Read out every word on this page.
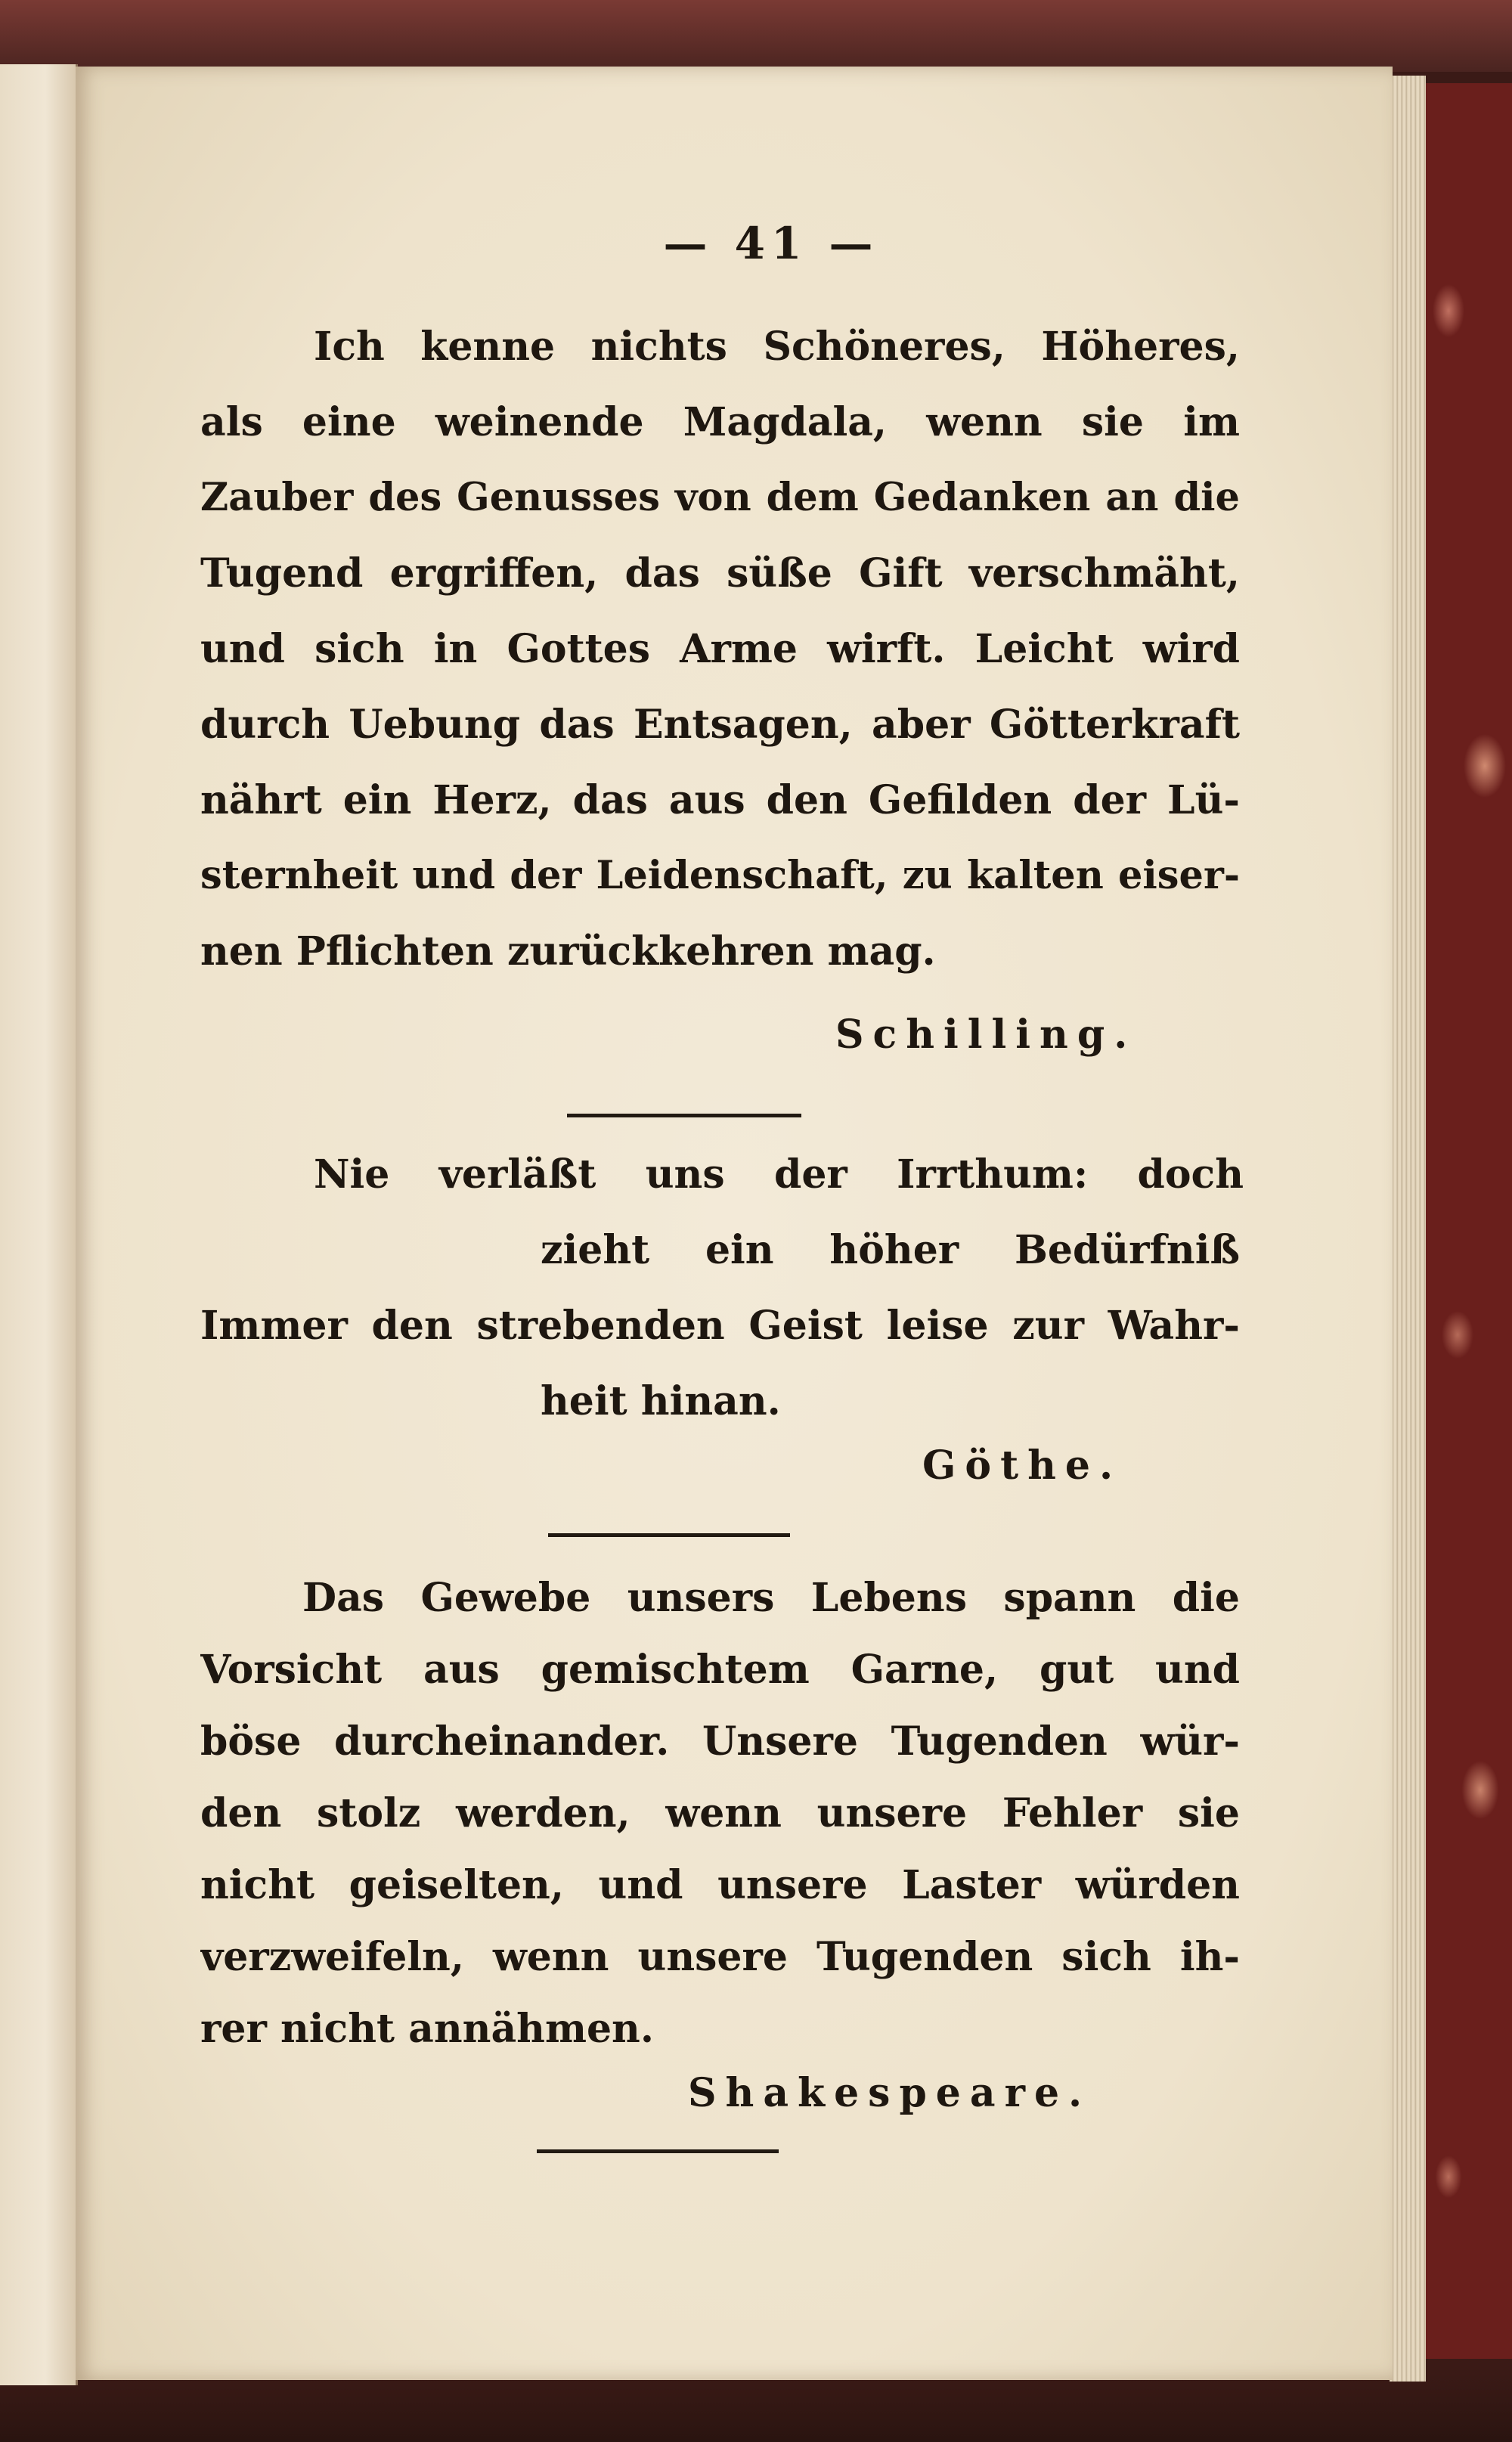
— 41 —
Ich kenne nichts Schöneres, Höheres,
als eine weinende Magdala, wenn sie im
Zauber des Genusses von dem Gedanken an die
Tugend ergriffen, das süße Gift verschmäht,
und sich in Gottes Arme wirft. Leicht wird
durch Uebung das Entsagen, aber Götterkraft
nährt ein Herz, das aus den Gefilden der Lü-
sternheit und der Leidenschaft, zu kalten eiser-
nen Pflichten zurückkehren mag.
Schilling.
Nie verläßt uns der Irrthum: doch
zieht ein höher Bedürfniß
Immer den strebenden Geist leise zur Wahr-
heit hinan.
Göthe.
Das Gewebe unsers Lebens spann die
Vorsicht aus gemischtem Garne, gut und
böse durcheinander. Unsere Tugenden wür-
den stolz werden, wenn unsere Fehler sie
nicht geiselten, und unsere Laster würden
verzweifeln, wenn unsere Tugenden sich ih-
rer nicht annähmen.
Shakespeare.
